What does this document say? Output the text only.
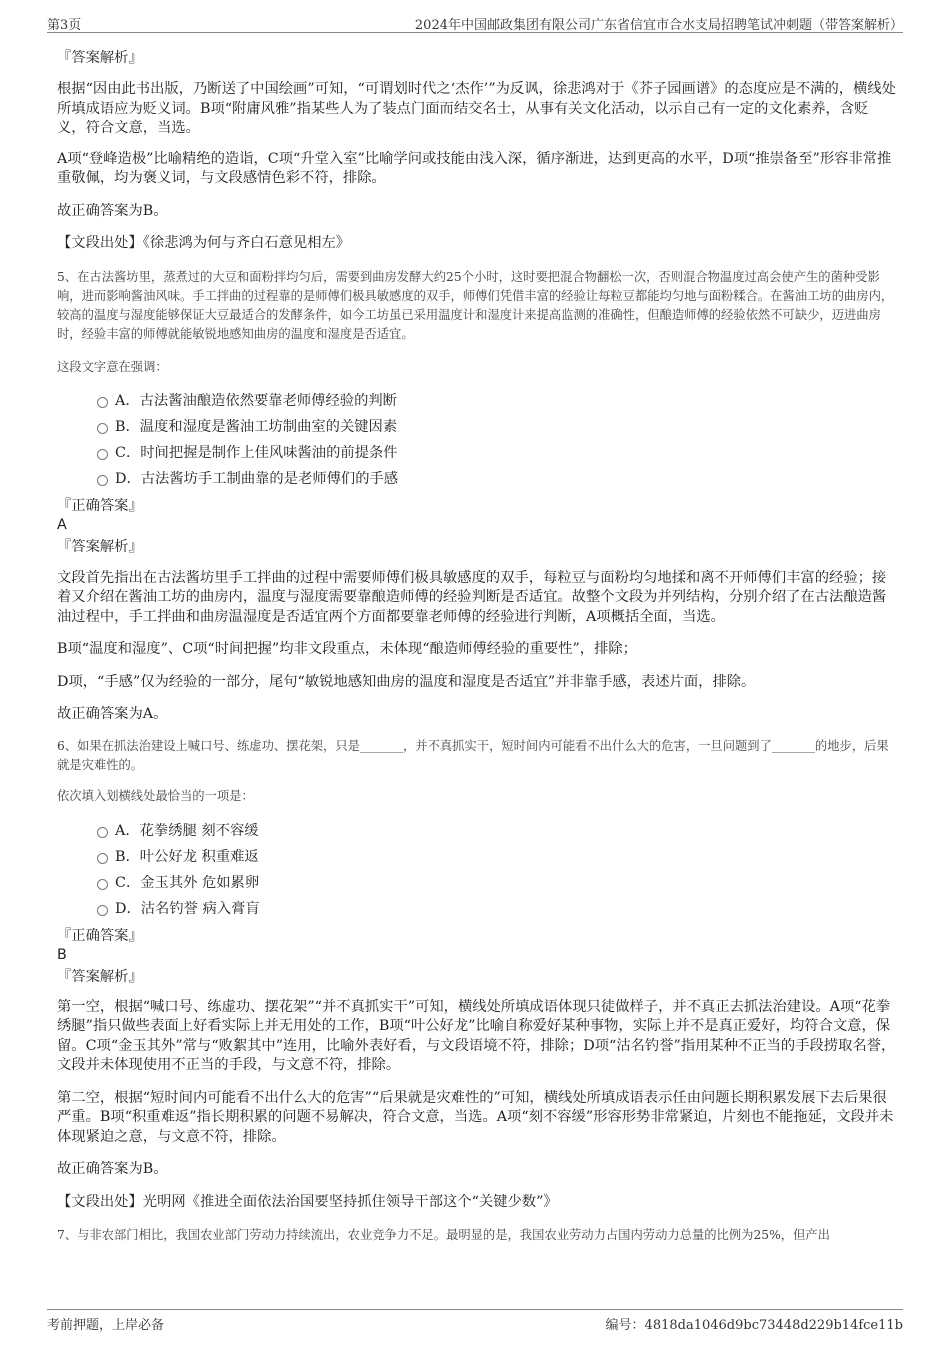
第3页	2024年中国邮政集团有限公司广东省信宜市合水支局招聘笔试冲刺题（带答案解析）

『答案解析』

根据“因由此书出版，乃断送了中国绘画”可知，“可谓划时代之‘杰作’”为反讽，徐悲鸿对于《芥子园画谱》的态度应是不满的，横线处所填成语应为贬义词。B项“附庸风雅”指某些人为了装点门面而结交名士，从事有关文化活动，以示自己有一定的文化素养，含贬义，符合文意，当选。

A项“登峰造极”比喻精绝的造诣，C项“升堂入室”比喻学问或技能由浅入深，循序渐进，达到更高的水平，D项“推崇备至”形容非常推重敬佩，均为褒义词，与文段感情色彩不符，排除。

故正确答案为B。

【文段出处】《徐悲鸿为何与齐白石意见相左》

5、在古法酱坊里，蒸煮过的大豆和面粉拌均匀后，需要到曲房发酵大约25个小时，这时要把混合物翻松一次，否则混合物温度过高会使产生的菌种受影响，进而影响酱油风味。手工拌曲的过程靠的是师傅们极具敏感度的双手，师傅们凭借丰富的经验让每粒豆都能均匀地与面粉糅合。在酱油工坊的曲房内，较高的温度与湿度能够保证大豆最适合的发酵条件，如今工坊虽已采用温度计和湿度计来提高监测的准确性，但酿造师傅的经验依然不可缺少，迈进曲房时，经验丰富的师傅就能敏锐地感知曲房的温度和湿度是否适宜。

这段文字意在强调：

A．古法酱油酿造依然要靠老师傅经验的判断
B．温度和湿度是酱油工坊制曲室的关键因素
C．时间把握是制作上佳风味酱油的前提条件
D．古法酱坊手工制曲靠的是老师傅们的手感

『正确答案』

A

『答案解析』

文段首先指出在古法酱坊里手工拌曲的过程中需要师傅们极具敏感度的双手，每粒豆与面粉均匀地揉和离不开师傅们丰富的经验；接着又介绍在酱油工坊的曲房内，温度与湿度需要靠酿造师傅的经验判断是否适宜。故整个文段为并列结构，分别介绍了在古法酿造酱油过程中，手工拌曲和曲房温湿度是否适宜两个方面都要靠老师傅的经验进行判断，A项概括全面，当选。

B项“温度和湿度”、C项“时间把握”均非文段重点，未体现“酿造师傅经验的重要性”，排除；

D项，“手感”仅为经验的一部分，尾句“敏锐地感知曲房的温度和湿度是否适宜”并非靠手感，表述片面，排除。

故正确答案为A。

6、如果在抓法治建设上喊口号、练虚功、摆花架，只是_______，并不真抓实干，短时间内可能看不出什么大的危害，一旦问题到了_______的地步，后果就是灾难性的。

依次填入划横线处最恰当的一项是：

A．花拳绣腿 刻不容缓
B．叶公好龙 积重难返
C．金玉其外 危如累卵
D．沽名钓誉 病入膏肓

『正确答案』

B

『答案解析』

第一空，根据“喊口号、练虚功、摆花架”“并不真抓实干”可知，横线处所填成语体现只徒做样子，并不真正去抓法治建设。A项“花拳绣腿”指只做些表面上好看实际上并无用处的工作，B项“叶公好龙”比喻自称爱好某种事物，实际上并不是真正爱好，均符合文意，保留。C项“金玉其外”常与“败絮其中”连用，比喻外表好看，与文段语境不符，排除；D项“沽名钓誉”指用某种不正当的手段捞取名誉，文段并未体现使用不正当的手段，与文意不符，排除。

第二空，根据“短时间内可能看不出什么大的危害”“后果就是灾难性的”可知，横线处所填成语表示任由问题长期积累发展下去后果很严重。B项“积重难返”指长期积累的问题不易解决，符合文意，当选。A项“刻不容缓”形容形势非常紧迫，片刻也不能拖延，文段并未体现紧迫之意，与文意不符，排除。

故正确答案为B。

【文段出处】光明网《推进全面依法治国要坚持抓住领导干部这个“关键少数”》

7、与非农部门相比，我国农业部门劳动力持续流出，农业竞争力不足。最明显的是，我国农业劳动力占国内劳动力总量的比例为25%，但产出

考前押题，上岸必备	编号：4818da1046d9bc73448d229b14fce11b
